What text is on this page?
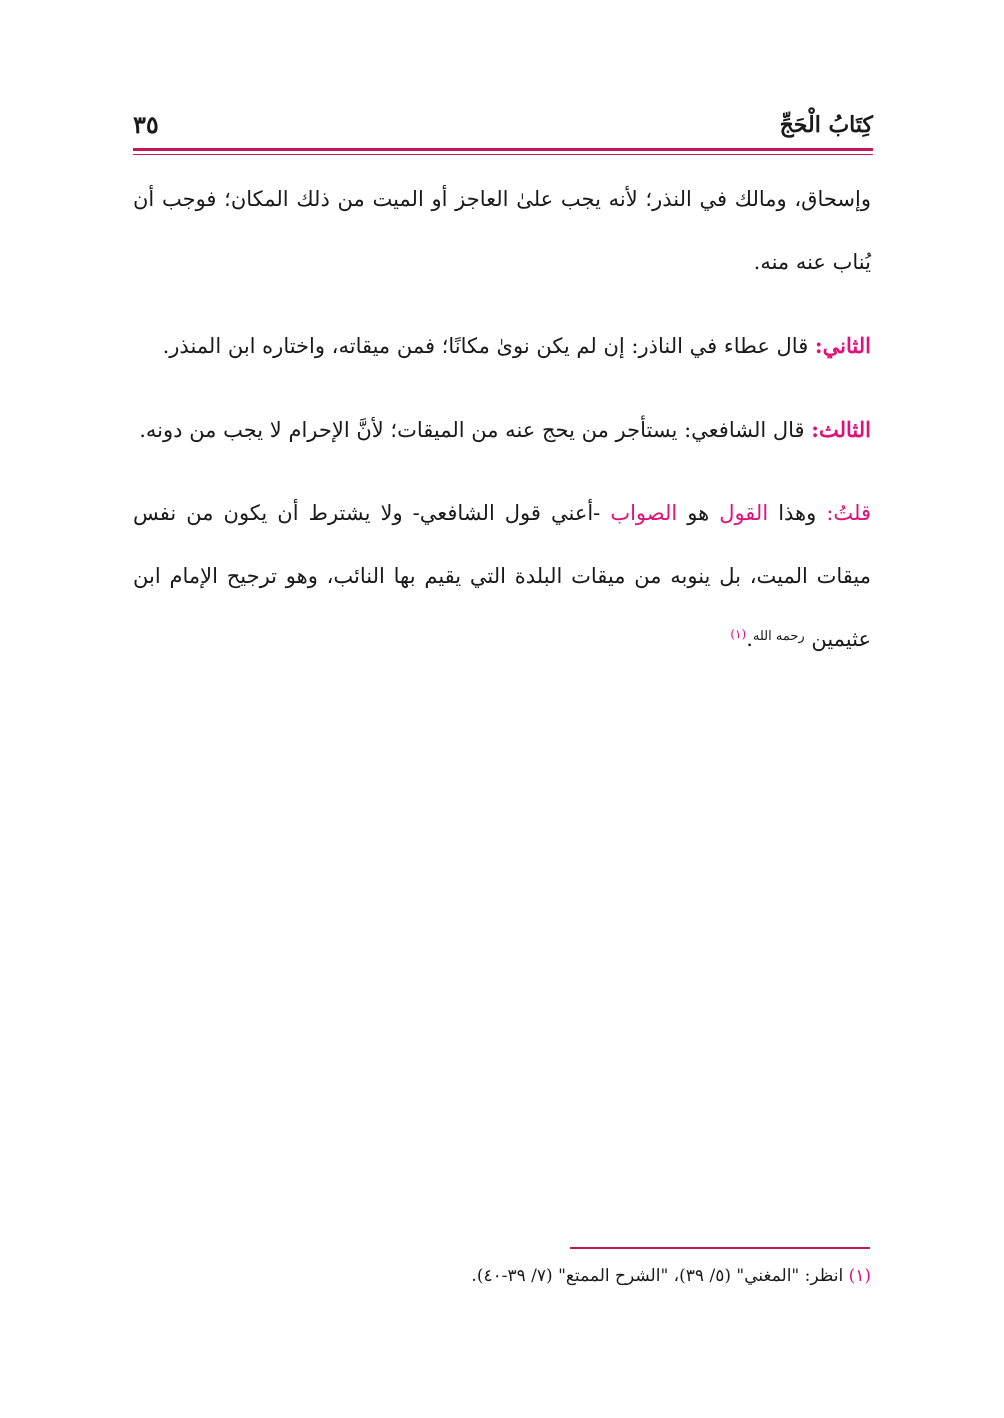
كِتَابُ الْحَجِّ
٣٥

وإسحاق، ومالك في النذر؛ لأنه يجب علىٰ العاجز أو الميت من ذلك المكان؛ فوجب أن يُناب عنه منه.

الثاني: قال عطاء في الناذر: إن لم يكن نوىٰ مكانًا؛ فمن ميقاته، واختاره ابن المنذر.

الثالث: قال الشافعي: يستأجر من يحج عنه من الميقات؛ لأنَّ الإحرام لا يجب من دونه.

قلتُ: وهذا القول هو الصواب -أعني قول الشافعي- ولا يشترط أن يكون من نفس ميقات الميت، بل ينوبه من ميقات البلدة التي يقيم بها النائب، وهو ترجيح الإمام ابن عثيمين $^{رحمه الله}$.$^{(١)}$

(١) انظر: "المغني" (٥/ ٣٩)، "الشرح الممتع" (٧/ ٣٩-٤٠).
